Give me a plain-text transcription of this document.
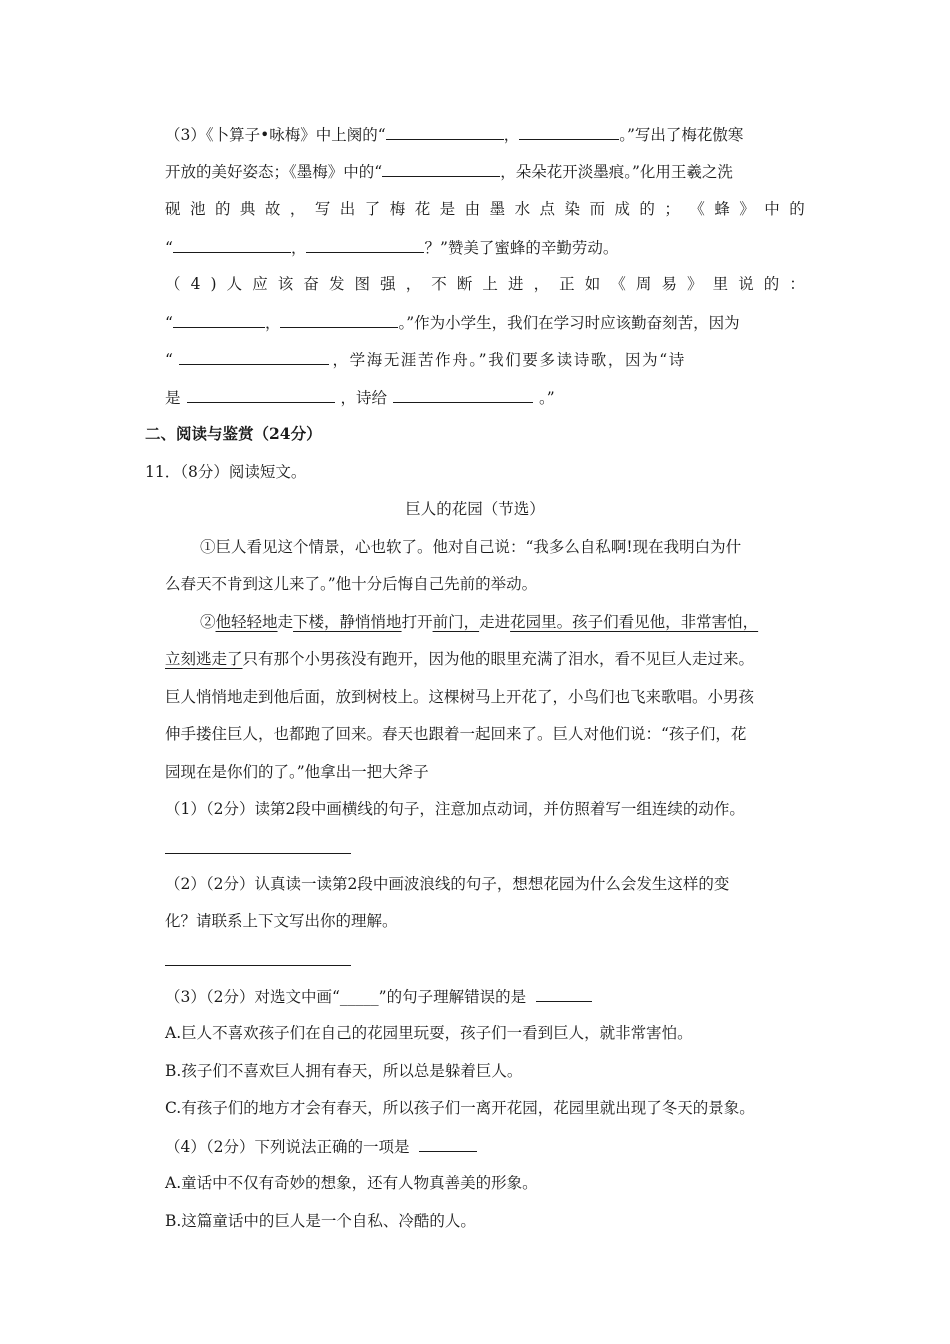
（3）《卜算子•咏梅》中上阕的“	，	。”写出了梅花傲寒
开放的美好姿态；《墨梅》中的“	，朵朵花开淡墨痕。”化用王羲之洗
砚 池 的 典 故 ， 写 出 了 梅 花 是 由 墨 水 点 染 而 成 的 ； 《 蜂 》 中 的
“	，	？”赞美了蜜蜂的辛勤劳动。
（ 4 ) 人 应 该 奋 发 图 强 ， 不 断 上 进 ， 正 如 《 周 易 》 里 说 的 ：
“	，	。”作为小学生，我们在学习时应该勤奋刻苦，因为
“	，学海无涯苦作舟。”我们要多读诗歌，因为“诗
是	，诗给	。”
二、阅读与鉴赏（24分）
11．（8分）阅读短文。
巨人的花园（节选）
①巨人看见这个情景，心也软了。他对自己说：“我多么自私啊!现在我明白为什
么春天不肯到这儿来了。”他十分后悔自己先前的举动。
②他轻轻地走下楼，静悄悄地打开前门，走进花园里。孩子们看见他，非常害怕，
立刻逃走了只有那个小男孩没有跑开，因为他的眼里充满了泪水，看不见巨人走过来。
巨人悄悄地走到他后面，放到树枝上。这棵树马上开花了，小鸟们也飞来歌唱。小男孩
伸手搂住巨人，也都跑了回来。春天也跟着一起回来了。巨人对他们说：“孩子们，花
园现在是你们的了。”他拿出一把大斧子
（1）（2分）读第2段中画横线的句子，注意加点动词，并仿照着写一组连续的动作。
（2）（2分）认真读一读第2段中画波浪线的句子，想想花园为什么会发生这样的变
化？请联系上下文写出你的理解。
（3）（2分）对选文中画“_____”的句子理解错误的是
A.巨人不喜欢孩子们在自己的花园里玩耍，孩子们一看到巨人，就非常害怕。
B.孩子们不喜欢巨人拥有春天，所以总是躲着巨人。
C.有孩子们的地方才会有春天，所以孩子们一离开花园，花园里就出现了冬天的景象。
（4）（2分）下列说法正确的一项是
A.童话中不仅有奇妙的想象，还有人物真善美的形象。
B.这篇童话中的巨人是一个自私、冷酷的人。
